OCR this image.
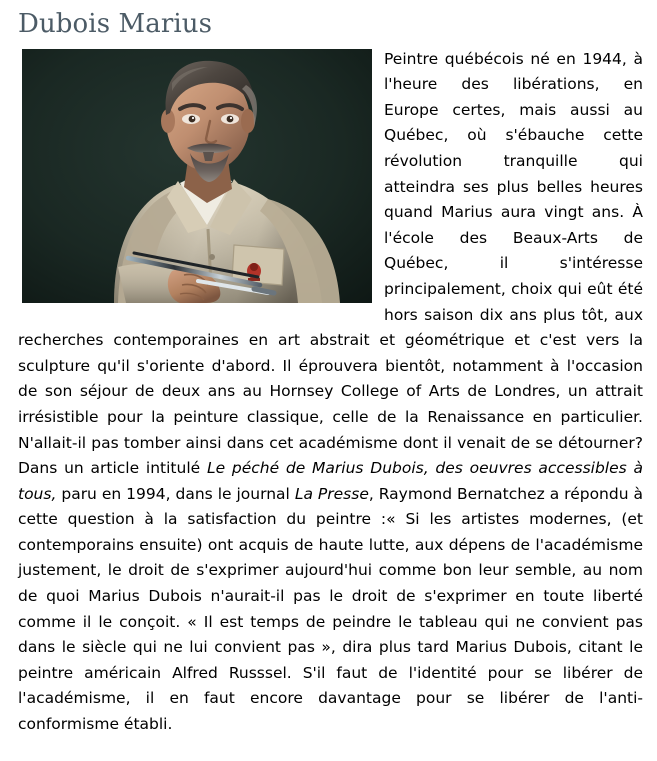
Dubois Marius

Peintre québécois né en 1944, à l'heure des libérations, en Europe certes, mais aussi au Québec, où s'ébauche cette révolution tranquille qui atteindra ses plus belles heures quand Marius aura vingt ans. À l'école des Beaux-Arts de Québec, il s'intéresse principalement, choix qui eût été hors saison dix ans plus tôt, aux recherches contemporaines en art abstrait et géométrique et c'est vers la sculpture qu'il s'oriente d'abord. Il éprouvera bientôt, notamment à l'occasion de son séjour de deux ans au Hornsey College of Arts de Londres, un attrait irrésistible pour la peinture classique, celle de la Renaissance en particulier. N'allait-il pas tomber ainsi dans cet académisme dont il venait de se détourner? Dans un article intitulé Le péché de Marius Dubois, des oeuvres accessibles à tous, paru en 1994, dans le journal La Presse, Raymond Bernatchez a répondu à cette question à la satisfaction du peintre :« Si les artistes modernes, (et contemporains ensuite) ont acquis de haute lutte, aux dépens de l'académisme justement, le droit de s'exprimer aujourd'hui comme bon leur semble, au nom de quoi Marius Dubois n'aurait-il pas le droit de s'exprimer en toute liberté comme il le conçoit. « Il est temps de peindre le tableau qui ne convient pas dans le siècle qui ne lui convient pas », dira plus tard Marius Dubois, citant le peintre américain Alfred Russsel. S'il faut de l'identité pour se libérer de l'académisme, il en faut encore davantage pour se libérer de l'anti- conformisme établi.
